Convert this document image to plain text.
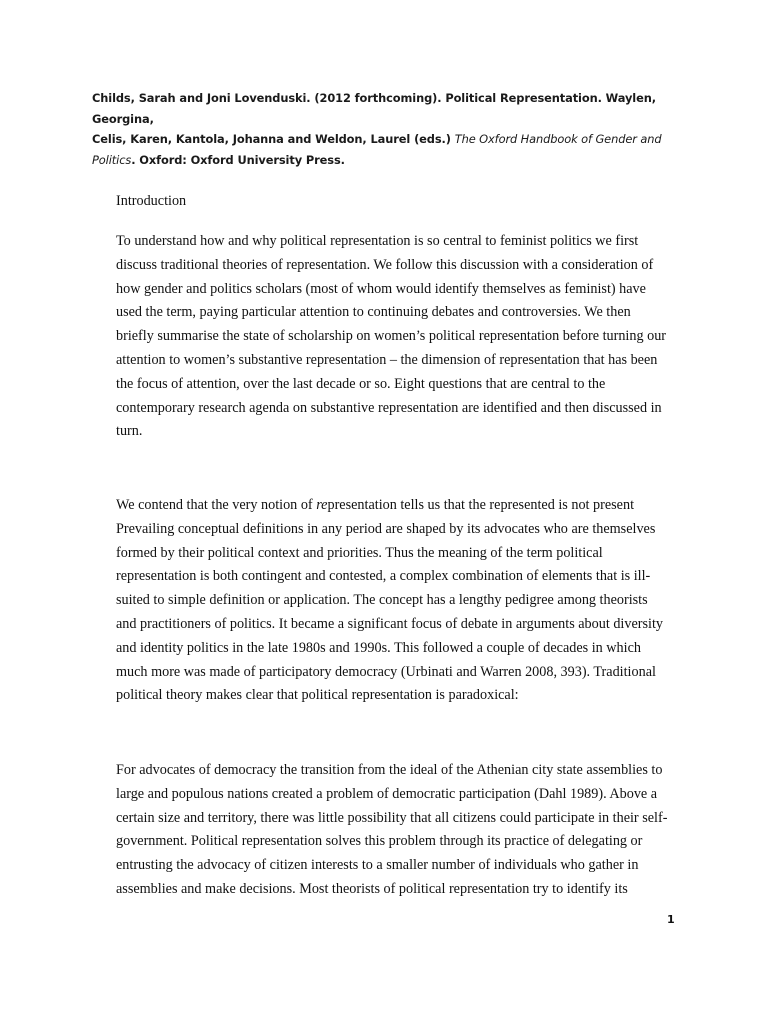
Childs, Sarah and Joni Lovenduski. (2012 forthcoming). Political Representation. Waylen, Georgina,
Celis, Karen, Kantola, Johanna and Weldon, Laurel (eds.) The Oxford Handbook of Gender and
Politics. Oxford: Oxford University Press.
Introduction

To understand how and why political representation is so central to feminist politics we first
discuss traditional theories of representation. We follow this discussion with a consideration of
how gender and politics scholars (most of whom would identify themselves as feminist) have
used the term, paying particular attention to continuing debates and controversies. We then
briefly summarise the state of scholarship on women’s political representation before turning our
attention to women’s substantive representation – the dimension of representation that has been
the focus of attention, over the last decade or so. Eight questions that are central to the
contemporary research agenda on substantive representation are identified and then discussed in
turn.

We contend that the very notion of representation tells us that the represented is not present
Prevailing conceptual definitions in any period are shaped by its advocates who are themselves
formed by their political context and priorities. Thus the meaning of the term political
representation is both contingent and contested, a complex combination of elements that is ill-
suited to simple definition or application. The concept has a lengthy pedigree among theorists
and practitioners of politics. It became a significant focus of debate in arguments about diversity
and identity politics in the late 1980s and 1990s. This followed a couple of decades in which
much more was made of participatory democracy (Urbinati and Warren 2008, 393). Traditional
political theory makes clear that political representation is paradoxical:

For advocates of democracy the transition from the ideal of the Athenian city state assemblies to
large and populous nations created a problem of democratic participation (Dahl 1989). Above a
certain size and territory, there was little possibility that all citizens could participate in their self-
government. Political representation solves this problem through its practice of delegating or
entrusting the advocacy of citizen interests to a smaller number of individuals who gather in
assemblies and make decisions. Most theorists of political representation try to identify its

1
